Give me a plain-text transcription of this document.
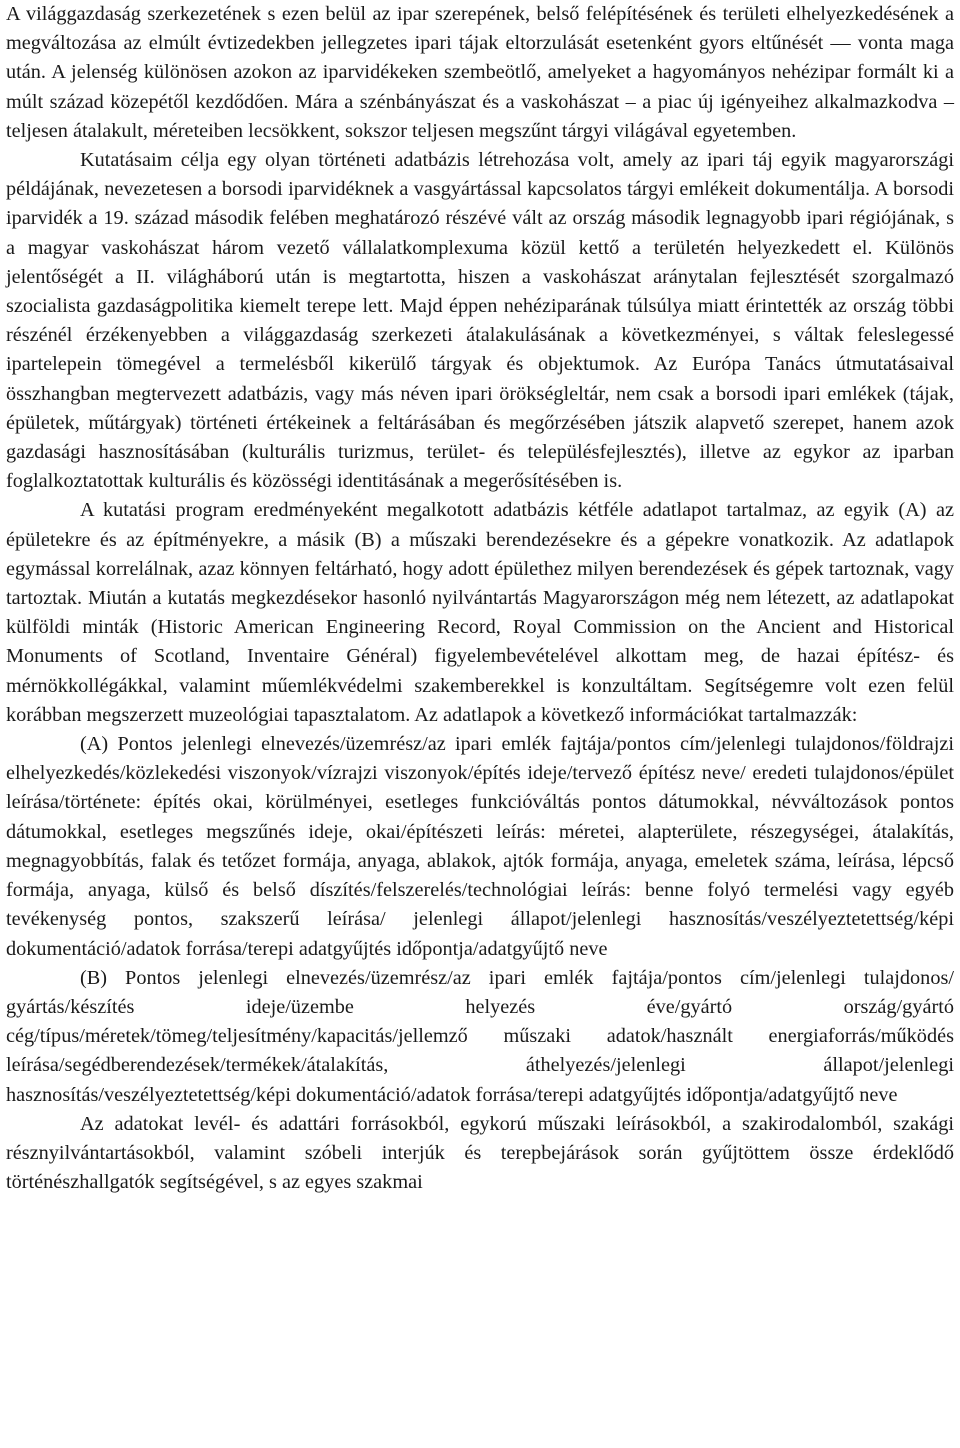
A világgazdaság szerkezetének s ezen belül az ipar szerepének, belső felépítésének és területi elhelyezkedésének a megváltozása az elmúlt évtizedekben jellegzetes ipari tájak eltorzulását esetenként gyors eltűnését — vonta maga után. A jelenség különösen azokon az iparvidékeken szembeötlő, amelyeket a hagyományos nehézipar formált ki a múlt század közepétől kezdődően. Mára a szénbányászat és a vaskohászat – a piac új igényeihez alkalmazkodva – teljesen átalakult, méreteiben lecsökkent, sokszor teljesen megszűnt tárgyi világával egyetemben.

Kutatásaim célja egy olyan történeti adatbázis létrehozása volt, amely az ipari táj egyik magyarországi példájának, nevezetesen a borsodi iparvidéknek a vasgyártással kapcsolatos tárgyi emlékeit dokumentálja. A borsodi iparvidék a 19. század második felében meghatározó részévé vált az ország második legnagyobb ipari régiójának, s a magyar vaskohászat három vezető vállalatkomplexuma közül kettő a területén helyezkedett el. Különös jelentőségét a II. világháború után is megtartotta, hiszen a vaskohászat aránytalan fejlesztését szorgalmazó szocialista gazdaságpolitika kiemelt terepe lett. Majd éppen nehéziparának túlsúlya miatt érintették az ország többi részénél érzékenyebben a világgazdaság szerkezeti átalakulásának a következményei, s váltak feleslegessé ipartelepein tömegével a termelésből kikerülő tárgyak és objektumok. Az Európa Tanács útmutatásaival összhangban megtervezett adatbázis, vagy más néven ipari örökségleltár, nem csak a borsodi ipari emlékek (tájak, épületek, műtárgyak) történeti értékeinek a feltárásában és megőrzésében játszik alapvető szerepet, hanem azok gazdasági hasznosításában (kulturális turizmus, terület- és településfejlesztés), illetve az egykor az iparban foglalkoztatottak kulturális és közösségi identitásának a megerősítésében is.

A kutatási program eredményeként megalkotott adatbázis kétféle adatlapot tartalmaz, az egyik (A) az épületekre és az építményekre, a másik (B) a műszaki berendezésekre és a gépekre vonatkozik. Az adatlapok egymással korrelálnak, azaz könnyen feltárható, hogy adott épülethez milyen berendezések és gépek tartoznak, vagy tartoztak. Miután a kutatás megkezdésekor hasonló nyilvántartás Magyarországon még nem létezett, az adatlapokat külföldi minták (Historic American Engineering Record, Royal Commission on the Ancient and Historical Monuments of Scotland, Inventaire Général) figyelembevételével alkottam meg, de hazai építész- és mérnökkollégákkal, valamint műemlékvédelmi szakemberekkel is konzultáltam. Segítségemre volt ezen felül korábban megszerzett muzeológiai tapasztalatom. Az adatlapok a következő információkat tartalmazzák:

(A) Pontos jelenlegi elnevezés/üzemrész/az ipari emlék fajtája/pontos cím/jelenlegi tulajdonos/földrajzi elhelyezkedés/közlekedési viszonyok/vízrajzi viszonyok/építés ideje/tervező építész neve/ eredeti tulajdonos/épület leírása/története: építés okai, körülményei, esetleges funkcióváltás pontos dátumokkal, névváltozások pontos dátumokkal, esetleges megszűnés ideje, okai/építészeti leírás: méretei, alapterülete, részegységei, átalakítás, megnagyobbítás, falak és tetőzet formája, anyaga, ablakok, ajtók formája, anyaga, emeletek száma, leírása, lépcső formája, anyaga, külső és belső díszítés/felszerelés/technológiai leírás: benne folyó termelési vagy egyéb tevékenység pontos, szakszerű leírása/ jelenlegi állapot/jelenlegi hasznosítás/veszélyeztetettség/képi dokumentáció/adatok forrása/terepi adatgyűjtés időpontja/adatgyűjtő neve

(B) Pontos jelenlegi elnevezés/üzemrész/az ipari emlék fajtája/pontos cím/jelenlegi tulajdonos/ gyártás/készítés ideje/üzembe helyezés éve/gyártó ország/gyártó cég/típus/méretek/tömeg/teljesítmény/kapacitás/jellemző műszaki adatok/használt energiaforrás/működés leírása/segédberendezések/termékek/átalakítás, áthelyezés/jelenlegi állapot/jelenlegi hasznosítás/veszélyeztetettség/képi dokumentáció/adatok forrása/terepi adatgyűjtés időpontja/adatgyűjtő neve

Az adatokat levél- és adattári forrásokból, egykorú műszaki leírásokból, a szakirodalomból, szakági résznyilvántartásokból, valamint szóbeli interjúk és terepbejárások során gyűjtöttem össze érdeklődő történészhallgatók segítségével, s az egyes szakmai
